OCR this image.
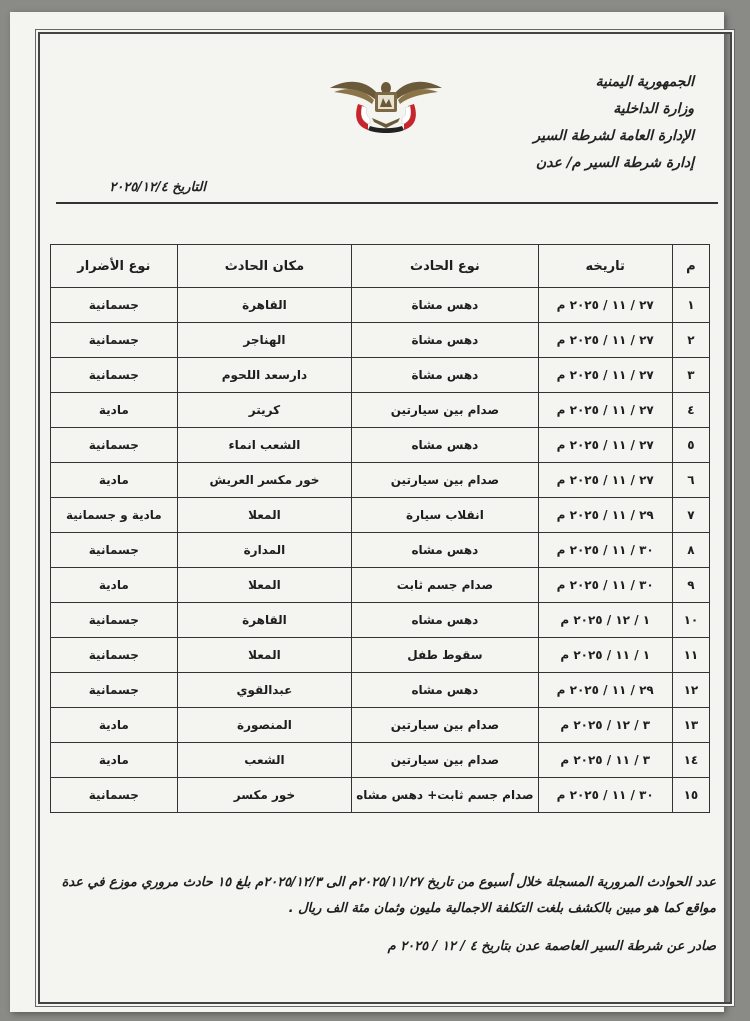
الجمهورية اليمنية
وزارة الداخلية
الإدارة العامة لشرطة السير
إدارة شرطة السير م/ عدن
التاريخ ٢٠٢٥/١٢/٤
م	تاريخه	نوع الحادث	مكان الحادث	نوع الأضرار
١	٢٧ / ١١ / ٢٠٢٥ م	دهس مشاة	القاهرة	جسمانية
٢	٢٧ / ١١ / ٢٠٢٥ م	دهس مشاة	الهناجر	جسمانية
٣	٢٧ / ١١ / ٢٠٢٥ م	دهس مشاة	دارسعد اللحوم	جسمانية
٤	٢٧ / ١١ / ٢٠٢٥ م	صدام بين سيارتين	كريتر	مادية
٥	٢٧ / ١١ / ٢٠٢٥ م	دهس مشاه	الشعب انماء	جسمانية
٦	٢٧ / ١١ / ٢٠٢٥ م	صدام بين سيارتين	خور مكسر العريش	مادية
٧	٢٩ / ١١ / ٢٠٢٥ م	انقلاب سيارة	المعلا	مادية و جسمانية
٨	٣٠ / ١١ / ٢٠٢٥ م	دهس مشاه	المدارة	جسمانية
٩	٣٠ / ١١ / ٢٠٢٥ م	صدام جسم ثابت	المعلا	مادية
١٠	١ / ١٢ / ٢٠٢٥ م	دهس مشاه	القاهرة	جسمانية
١١	١ / ١١ / ٢٠٢٥ م	سقوط طفل	المعلا	جسمانية
١٢	٢٩ / ١١ / ٢٠٢٥ م	دهس مشاه	عبدالقوي	جسمانية
١٣	٣ / ١٢ / ٢٠٢٥ م	صدام بين سيارتين	المنصورة	مادية
١٤	٣ / ١١ / ٢٠٢٥ م	صدام بين سيارتين	الشعب	مادية
١٥	٣٠ / ١١ / ٢٠٢٥ م	صدام جسم ثابت+ دهس مشاه	خور مكسر	جسمانية

عدد الحوادث المرورية المسجلة خلال أسبوع من تاريخ ٢٠٢٥/١١/٢٧م الى ٢٠٢٥/١٢/٣م بلغ ١٥ حادث مروري موزع في عدة

مواقع كما هو مبين بالكشف بلغت التكلفة الاجمالية مليون وثمان مئة الف ريال .

صادر عن شرطة السير العاصمة عدن بتاريخ ٤ / ١٢ / ٢٠٢٥ م
